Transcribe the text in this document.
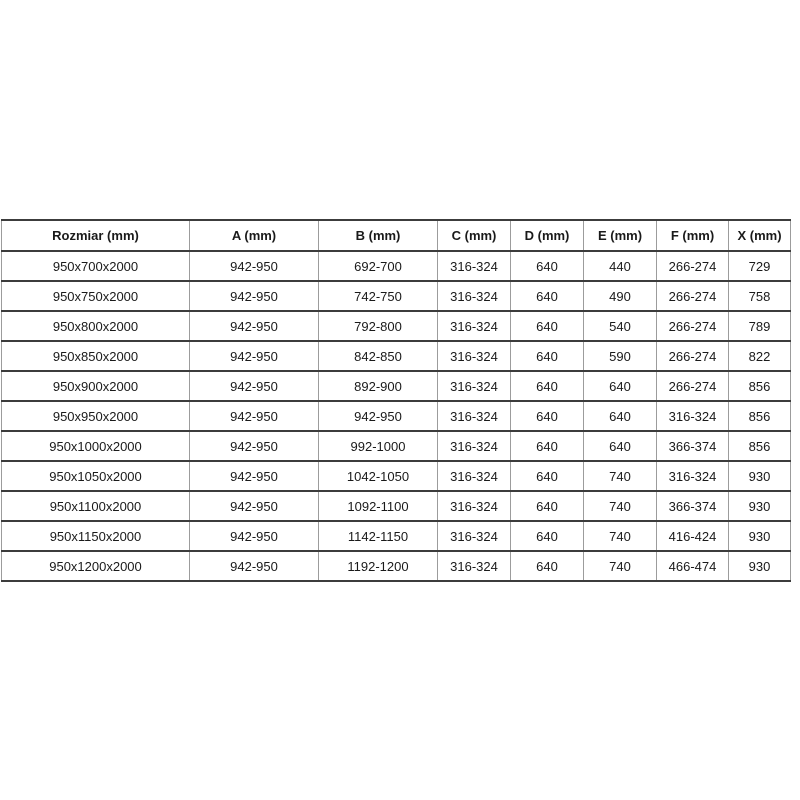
Rozmiar (mm)	A (mm)	B (mm)	C (mm)	D (mm)	E (mm)	F (mm)	X (mm)
950x700x2000	942-950	692-700	316-324	640	440	266-274	729
950x750x2000	942-950	742-750	316-324	640	490	266-274	758
950x800x2000	942-950	792-800	316-324	640	540	266-274	789
950x850x2000	942-950	842-850	316-324	640	590	266-274	822
950x900x2000	942-950	892-900	316-324	640	640	266-274	856
950x950x2000	942-950	942-950	316-324	640	640	316-324	856
950x1000x2000	942-950	992-1000	316-324	640	640	366-374	856
950x1050x2000	942-950	1042-1050	316-324	640	740	316-324	930
950x1100x2000	942-950	1092-1100	316-324	640	740	366-374	930
950x1150x2000	942-950	1142-1150	316-324	640	740	416-424	930
950x1200x2000	942-950	1192-1200	316-324	640	740	466-474	930
